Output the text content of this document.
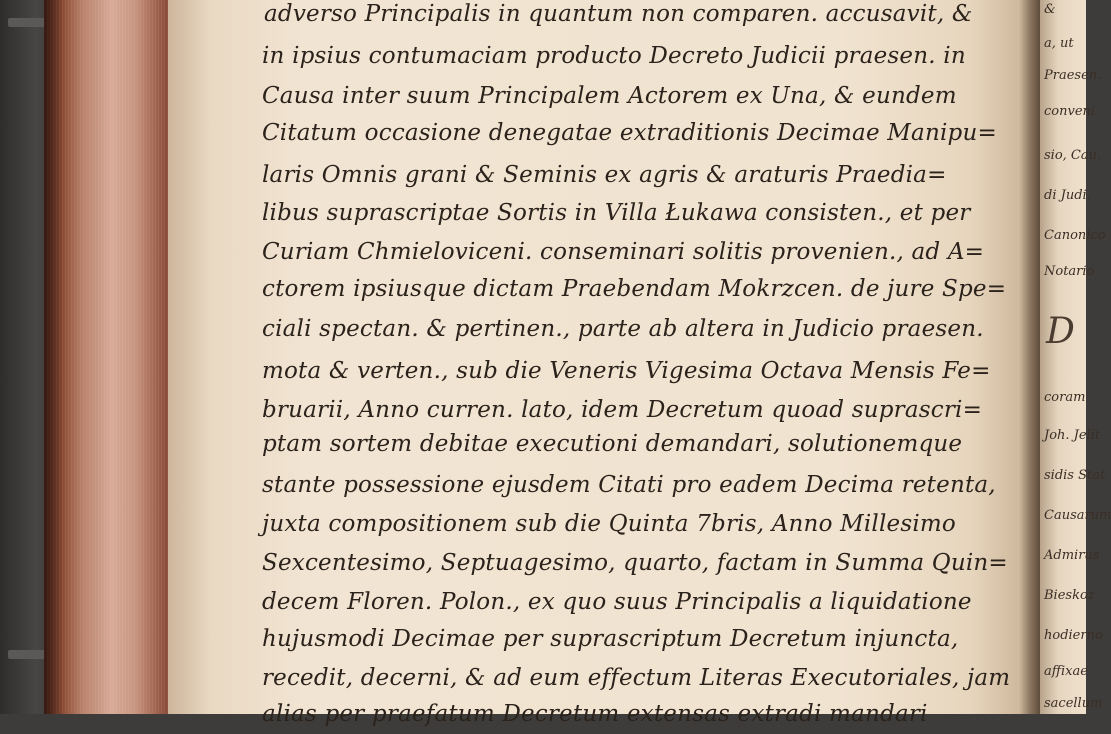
adverso Principalis in quantum non comparen. accusavit, &
in ipsius contumaciam producto Decreto Judicii praesen. in
Causa inter suum Principalem Actorem ex Una, & eundem
Citatum occasione denegatae extraditionis Decimae Manipu=
laris Omnis grani & Seminis ex agris & araturis Praedia=
libus suprascriptae Sortis in Villa Łukawa consisten., et per
Curiam Chmieloviceni. conseminari solitis provenien., ad A=
ctorem ipsiusque dictam Praebendam Mokrzcen. de jure Spe=
ciali spectan. & pertinen., parte ab altera in Judicio praesen.
mota & verten., sub die Veneris Vigesima Octava Mensis Fe=
bruarii, Anno curren. lato, idem Decretum quoad suprascri=
ptam sortem debitae executioni demandari, solutionemque
stante possessione ejusdem Citati pro eadem Decima retenta,
juxta compositionem sub die Quinta 7bris, Anno Millesimo
Sexcentesimo, Septuagesimo, quarto, factam in Summa Quin=
decem Floren. Polon., ex quo suus Principalis a liquidatione
hujusmodi Decimae per suprascriptum Decretum injuncta,
recedit, decerni, & ad eum effectum Literas Executoriales, jam
alias per praefatum Decretum extensas extradi mandari
&
a, ut
Praesen.
conveni
sio, Cau.
di Judi.
Canonico
Notario
D
coram
Joh. Jelit
sidis Stat
Causarum
Admirus
Bieskoz
hodierno
affixae
sacellum
